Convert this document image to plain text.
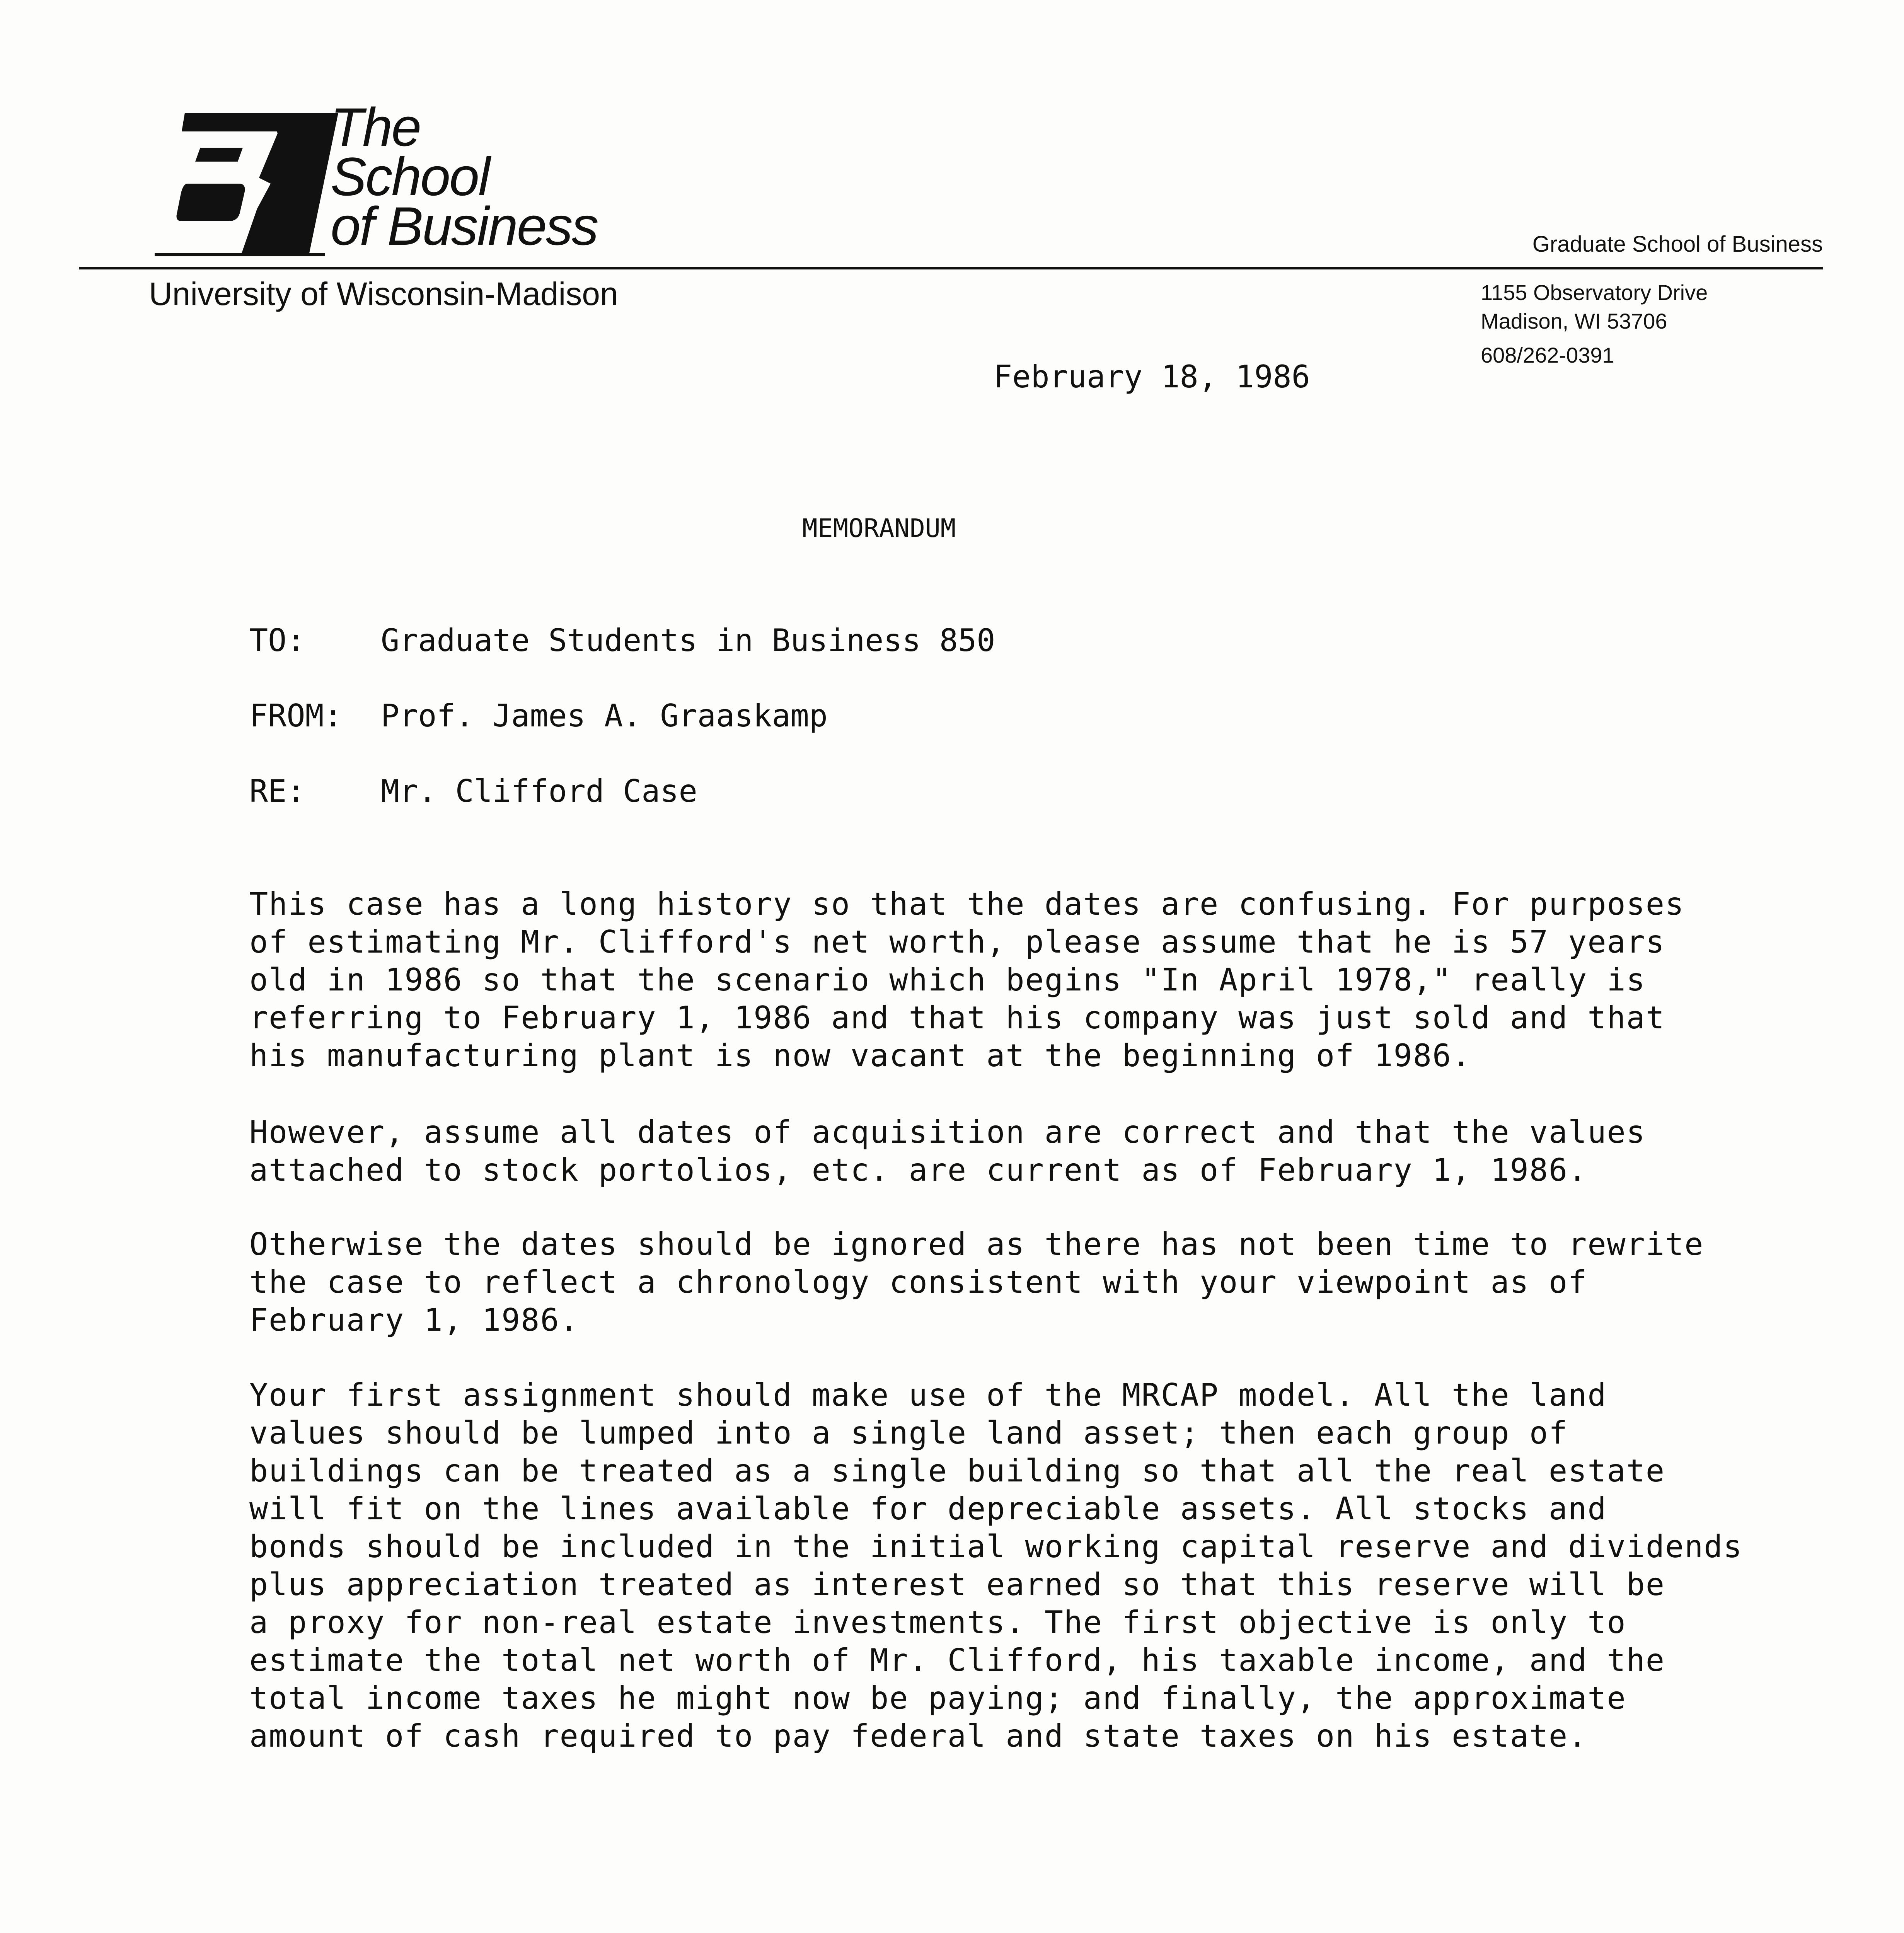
The
School
of Business	Graduate School of Business
University of Wisconsin-Madison	1155 Observatory Drive
Madison, WI 53706
608/262-0391
February 18, 1986
MEMORANDUM
TO: Graduate Students in Business 850
FROM: Prof. James A. Graaskamp
RE: Mr. Clifford Case
This case has a long history so that the dates are confusing. For purposes
of estimating Mr. Clifford's net worth, please assume that he is 57 years
old in 1986 so that the scenario which begins "In April 1978," really is
referring to February 1, 1986 and that his company was just sold and that
his manufacturing plant is now vacant at the beginning of 1986.
However, assume all dates of acquisition are correct and that the values
attached to stock portolios, etc. are current as of February 1, 1986.
Otherwise the dates should be ignored as there has not been time to rewrite
the case to reflect a chronology consistent with your viewpoint as of
February 1, 1986.
Your first assignment should make use of the MRCAP model. All the land
values should be lumped into a single land asset; then each group of
buildings can be treated as a single building so that all the real estate
will fit on the lines available for depreciable assets. All stocks and
bonds should be included in the initial working capital reserve and dividends
plus appreciation treated as interest earned so that this reserve will be
a proxy for non-real estate investments. The first objective is only to
estimate the total net worth of Mr. Clifford, his taxable income, and the
total income taxes he might now be paying; and finally, the approximate
amount of cash required to pay federal and state taxes on his estate.
